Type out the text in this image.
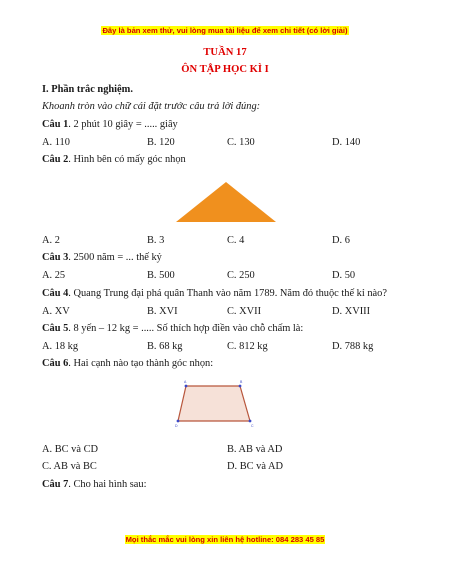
Đây là bản xem thử, vui lòng mua tài liệu để xem chi tiết (có lời giải)
TUẦN 17
ÔN TẬP HỌC KÌ I
I. Phần trắc nghiệm.
Khoanh tròn vào chữ cái đặt trước câu trả lời đúng:
Câu 1. 2 phút 10 giây = ..... giây
A. 110	B. 120	C. 130	D. 140
Câu 2. Hình bên có mấy góc nhọn
A. 2	B. 3	C. 4	D. 6
Câu 3. 2500 năm = ... thế kỷ
A. 25	B. 500	C. 250	D. 50
Câu 4. Quang Trung đại phá quân Thanh vào năm 1789. Năm đó thuộc thế kỉ nào?
A. XV	B. XVI	C. XVII	D. XVIII
Câu 5. 8 yến – 12 kg = ..... Số thích hợp điền vào chỗ chấm là:
A. 18 kg	B. 68 kg	C. 812 kg	D. 788 kg
Câu 6. Hai cạnh nào tạo thành góc nhọn:
A	B
C
D
A. BC và CD	B. AB và AD
C. AB và BC	D. BC và AD
Câu 7. Cho hai hình sau:
Mọi thắc mắc vui lòng xin liên hệ hotline: 084 283 45 85
